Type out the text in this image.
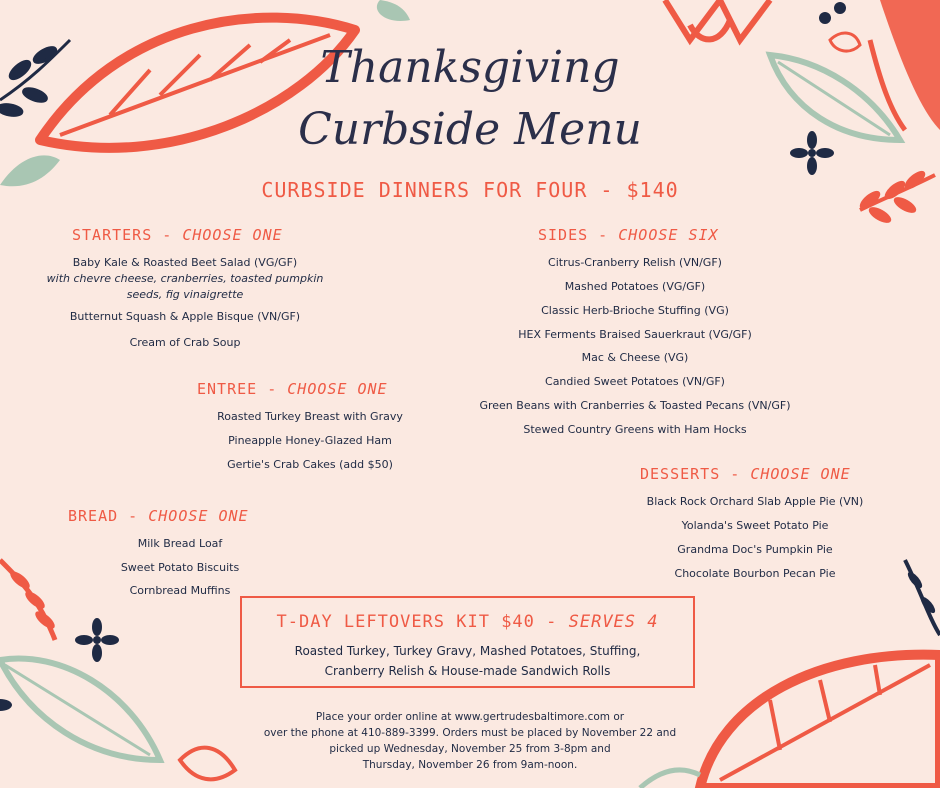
Thanksgiving
Curbside Menu
CURBSIDE DINNERS FOR FOUR - $140
STARTERS - CHOOSE ONE
Baby Kale & Roasted Beet Salad (VG/GF)
with chevre cheese, cranberries, toasted pumpkin
seeds, fig vinaigrette
Butternut Squash & Apple Bisque (VN/GF)
Cream of Crab Soup
ENTREE - CHOOSE ONE
Roasted Turkey Breast with Gravy
Pineapple Honey-Glazed Ham
Gertie's Crab Cakes (add $50)
BREAD - CHOOSE ONE
Milk Bread Loaf
Sweet Potato Biscuits
Cornbread Muffins
SIDES - CHOOSE SIX
Citrus-Cranberry Relish (VN/GF)
Mashed Potatoes (VG/GF)
Classic Herb-Brioche Stuffing (VG)
HEX Ferments Braised Sauerkraut (VG/GF)
Mac & Cheese (VG)
Candied Sweet Potatoes (VN/GF)
Green Beans with Cranberries & Toasted Pecans (VN/GF)
Stewed Country Greens with Ham Hocks
DESSERTS - CHOOSE ONE
Black Rock Orchard Slab Apple Pie (VN)
Yolanda's Sweet Potato Pie
Grandma Doc's Pumpkin Pie
Chocolate Bourbon Pecan Pie
T-DAY LEFTOVERS KIT $40 - SERVES 4
Roasted Turkey, Turkey Gravy, Mashed Potatoes, Stuffing,
Cranberry Relish & House-made Sandwich Rolls
Place your order online at www.gertrudesbaltimore.com or
over the phone at 410-889-3399. Orders must be placed by November 22 and
picked up Wednesday, November 25 from 3-8pm and
Thursday, November 26 from 9am-noon.
